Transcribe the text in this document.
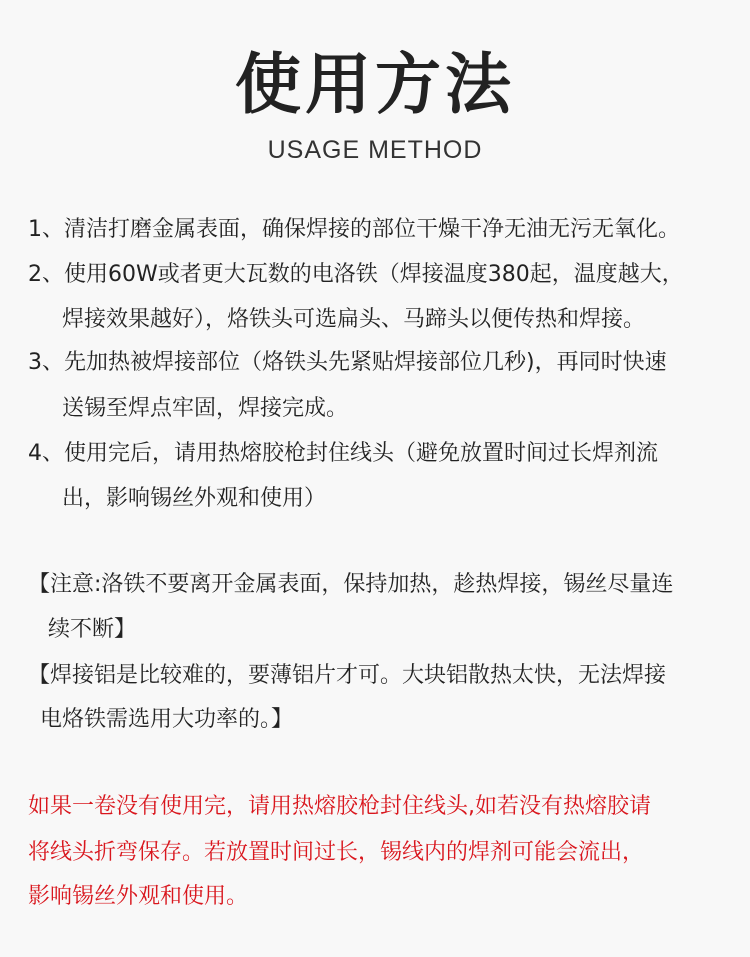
使用方法
USAGE METHOD
1、清洁打磨金属表面，确保焊接的部位干燥干净无油无污无氧化。
2、使用60W或者更大瓦数的电洛铁（焊接温度380起，温度越大，
焊接效果越好），烙铁头可选扁头、马蹄头以便传热和焊接。
3、先加热被焊接部位（烙铁头先紧贴焊接部位几秒)，再同时快速
送锡至焊点牢固，焊接完成。
4、使用完后，请用热熔胶枪封住线头（避免放置时间过长焊剂流
出，影响锡丝外观和使用）
【注意:洛铁不要离开金属表面，保持加热，趁热焊接，锡丝尽量连
续不断】
【焊接铝是比较难的，要薄铝片才可。大块铝散热太快，无法焊接
电烙铁需选用大功率的。】
如果一卷没有使用完，请用热熔胶枪封住线头,如若没有热熔胶请
将线头折弯保存。若放置时间过长，锡线内的焊剂可能会流出，
影响锡丝外观和使用。
